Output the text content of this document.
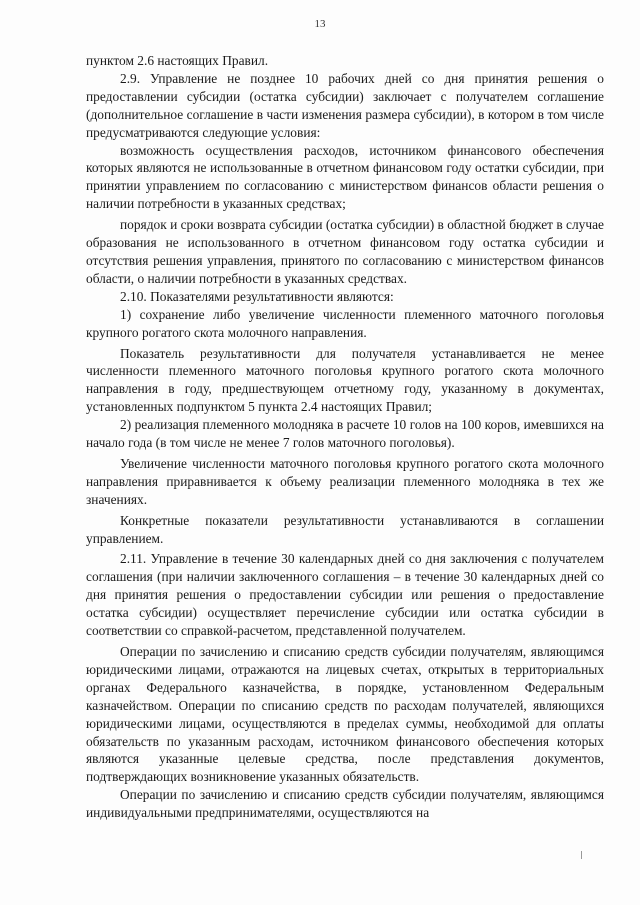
13

пунктом 2.6 настоящих Правил.

2.9. Управление не позднее 10 рабочих дней со дня принятия решения о предоставлении субсидии (остатка субсидии) заключает с получателем соглашение (дополнительное соглашение в части изменения размера субсидии), в котором в том числе предусматриваются следующие условия:

возможность осуществления расходов, источником финансового обеспечения которых являются не использованные в отчетном финансовом году остатки субсидии, при принятии управлением по согласованию с министерством финансов области решения о наличии потребности в указанных средствах;

порядок и сроки возврата субсидии (остатка субсидии) в областной бюджет в случае образования не использованного в отчетном финансовом году остатка субсидии и отсутствия решения управления, принятого по согласованию с министерством финансов области, о наличии потребности в указанных средствах.

2.10. Показателями результативности являются:

1) сохранение либо увеличение численности племенного маточного поголовья крупного рогатого скота молочного направления.

Показатель результативности для получателя устанавливается не менее численности племенного маточного поголовья крупного рогатого скота молочного направления в году, предшествующем отчетному году, указанному в документах, установленных подпунктом 5 пункта 2.4 настоящих Правил;

2) реализация племенного молодняка в расчете 10 голов на 100 коров, имевшихся на начало года (в том числе не менее 7 голов маточного поголовья).

Увеличение численности маточного поголовья крупного рогатого скота молочного направления приравнивается к объему реализации племенного молодняка в тех же значениях.

Конкретные показатели результативности устанавливаются в соглашении управлением.

2.11. Управление в течение 30 календарных дней со дня заключения с получателем соглашения (при наличии заключенного соглашения – в течение 30 календарных дней со дня принятия решения о предоставлении субсидии или решения о предоставление остатка субсидии) осуществляет перечисление субсидии или остатка субсидии в соответствии со справкой-расчетом, представленной получателем.

Операции по зачислению и списанию средств субсидии получателям, являющимся юридическими лицами, отражаются на лицевых счетах, открытых в территориальных органах Федерального казначейства, в порядке, установленном Федеральным казначейством. Операции по списанию средств по расходам получателей, являющихся юридическими лицами, осуществляются в пределах суммы, необходимой для оплаты обязательств по указанным расходам, источником финансового обеспечения которых являются указанные целевые средства, после представления документов, подтверждающих возникновение указанных обязательств.

Операции по зачислению и списанию средств субсидии получателям, являющимся индивидуальными предпринимателями, осуществляются на
